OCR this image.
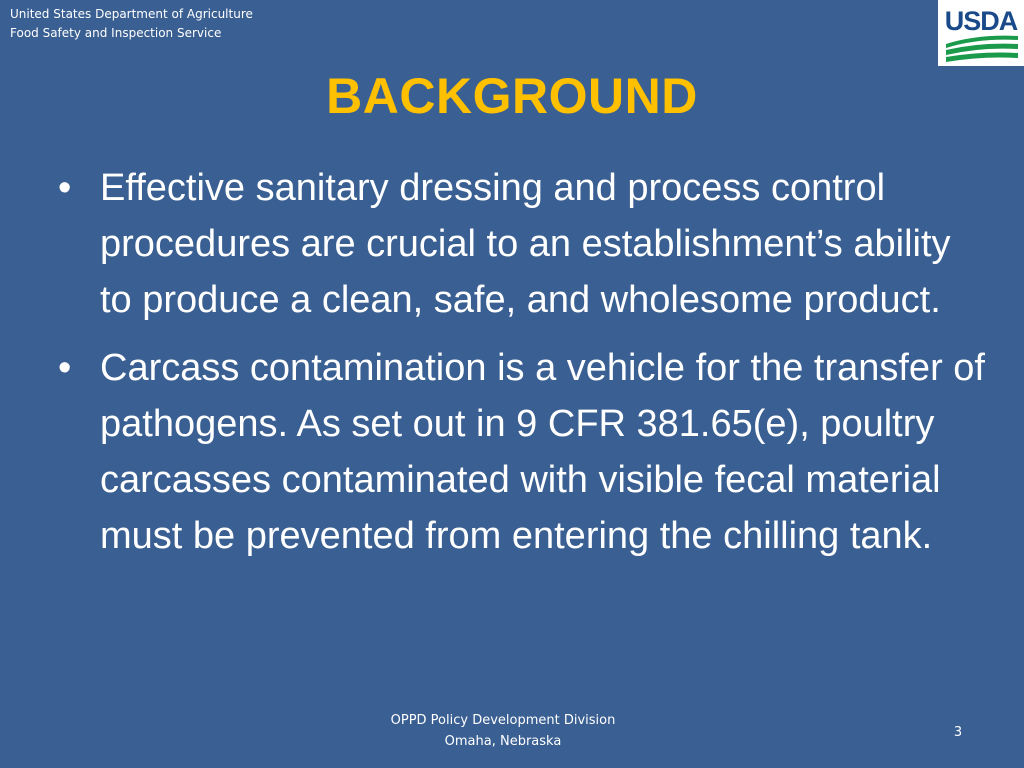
United States Department of Agriculture
Food Safety and Inspection Service	USDA
BACKGROUND
• Effective sanitary dressing and process control procedures are crucial to an establishment’s ability to produce a clean, safe, and wholesome product.
• Carcass contamination is a vehicle for the transfer of pathogens. As set out in 9 CFR 381.65(e), poultry carcasses contaminated with visible fecal material must be prevented from entering the chilling tank.
OPPD Policy Development Division
Omaha, Nebraska
3
